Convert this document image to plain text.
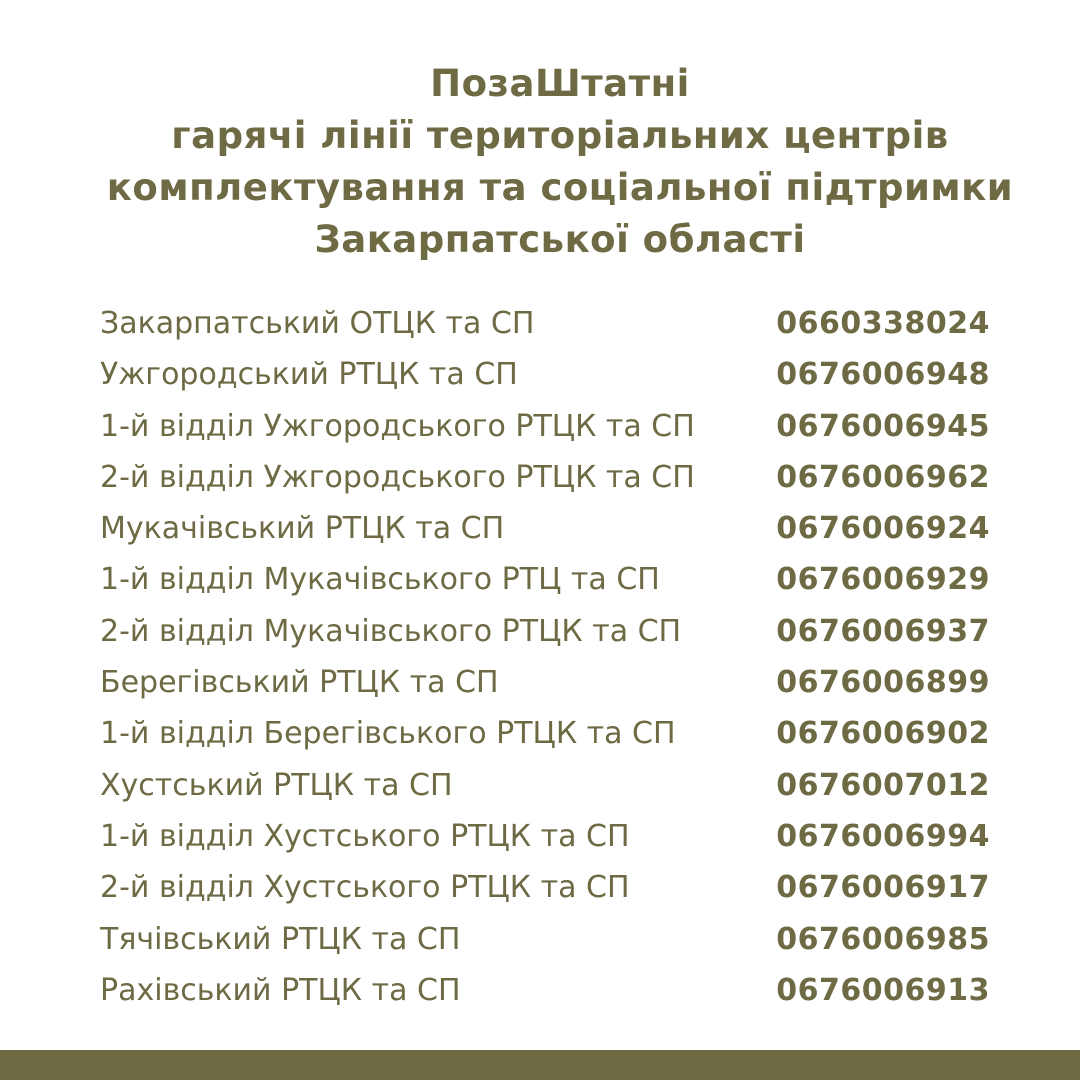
ПозаШтатні
гарячі лінії територіальних центрів
комплектування та соціальної підтримки
Закарпатської області
Закарпатський ОТЦК та СП	0660338024
Ужгородський РТЦК та СП	0676006948
1-й відділ Ужгородського РТЦК та СП	0676006945
2-й відділ Ужгородського РТЦК та СП	0676006962
Мукачівський РТЦК та СП	0676006924
1-й відділ Мукачівського РТЦ та СП	0676006929
2-й відділ Мукачівського РТЦК та СП	0676006937
Берегівський РТЦК та СП	0676006899
1-й відділ Берегівського РТЦК та СП	0676006902
Хустський РТЦК та СП	0676007012
1-й відділ Хустського РТЦК та СП	0676006994
2-й відділ Хустського РТЦК та СП	0676006917
Тячівський РТЦК та СП	0676006985
Рахівський РТЦК та СП	0676006913
